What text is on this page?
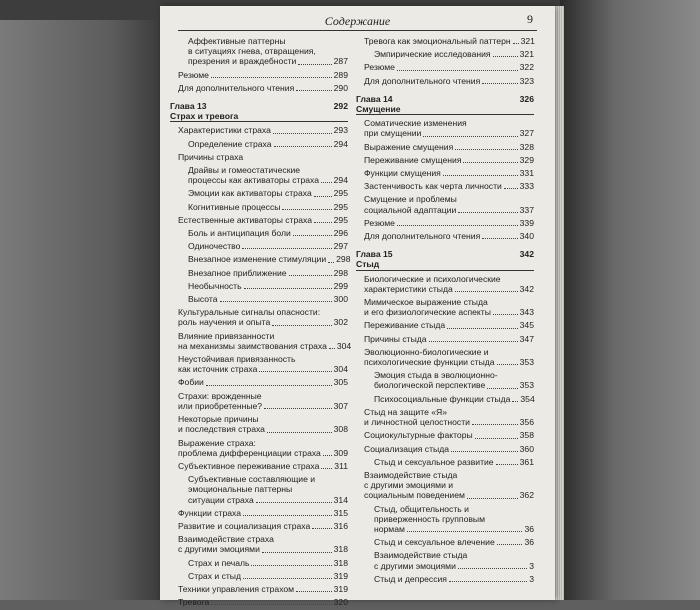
Содержание	9
Аффективные паттерны
в ситуациях гнева, отвращения,
презрения и враждебности	287
Резюме	289
Для дополнительного чтения	290
Глава 13	292
Страх и тревога
Характеристики страха	293
Определение страха	294
Причины страха
Драйвы и гомеостатические
процессы как активаторы страха 294
Эмоции как активаторы страха	295
Когнитивные процессы	295
Естественные активаторы страха	295
Боль и антиципация боли	296
Одиночество	297
Внезапное изменение стимуляции 298
Внезапное приближение	298
Необычность	299
Высота	300
Культуральные сигналы опасности:
роль научения и опыта	302
Влияние привязанности
на механизмы заимствования страха 304
Неустойчивая привязанность
как источник страха	304
Фобии	305
Страхи: врожденные
или приобретенные?	307
Некоторые причины
и последствия страха	308
Выражение страха:
проблема дифференциации страха 309
Субъективное переживание страха 311
Субъективные составляющие и
эмоциональные паттерны
ситуации страха	314
Функции страха	315
Развитие и социализация страха	316
Взаимодействие страха
с другими эмоциями	318
Страх и печаль	318
Страх и стыд	319
Техники управления страхом	319
Тревога	320
Тревога как эмоциональный паттерн 321
Эмпирические исследования	321
Резюме	322
Для дополнительного чтения	323
Глава 14	326
Смущение
Соматические изменения
при смущении	327
Выражение смущения	328
Переживание смущения	329
Функции смущения	331
Застенчивость как черта личности 333
Смущение и проблемы
социальной адаптации	337
Резюме	339
Для дополнительного чтения	340
Глава 15	342
Стыд
Биологические и психологические
характеристики стыда	342
Мимическое выражение стыда
и его физиологические аспекты	343
Переживание стыда	345
Причины стыда	347
Эволюционно-биологические и
психологические функции стыда	353
Эмоция стыда в эволюционно-
биологической перспективе	353
Психосоциальные функции стыда 354
Стыд на защите «Я»
и личностной целостности	356
Социокультурные факторы	358
Социализация стыда	360
Стыд и сексуальное развитие	361
Взаимодействие стыда
с другими эмоциями и
социальным поведением	362
Стыд, общительность и
приверженность групповым
нормам	36
Стыд и сексуальное влечение	36
Взаимодействие стыда
с другими эмоциями	3
Стыд и депрессия	3
